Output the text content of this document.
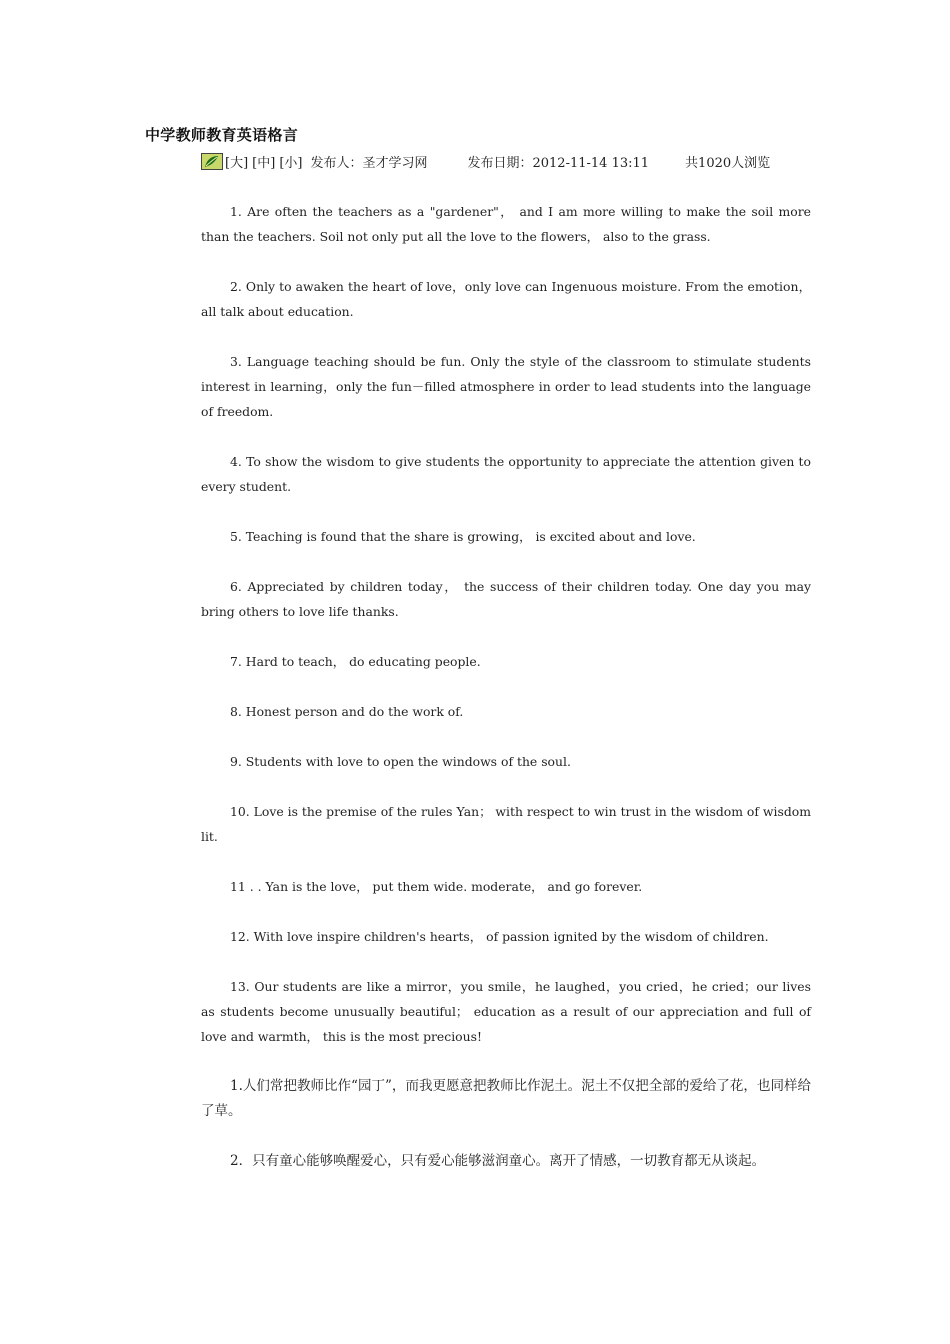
中学教师教育英语格言
[大] [中] [小] 发布人：圣才学习网	发布日期：2012-11-14 13:11	共1020人浏览

1. Are often the teachers as a "gardener"， and I am more willing to make the soil more than the teachers. Soil not only put all the love to the flowers， also to the grass.

2. Only to awaken the heart of love，only love can Ingenuous moisture. From the emotion， all talk about education.

3. Language teaching should be fun. Only the style of the classroom to stimulate students interest in learning，only the fun－filled atmosphere in order to lead students into the language of freedom.

4. To show the wisdom to give students the opportunity to appreciate the attention given to every student.

5. Teaching is found that the share is growing， is excited about and love.

6. Appreciated by children today， the success of their children today. One day you may bring others to love life thanks.

7. Hard to teach， do educating people.

8. Honest person and do the work of.

9. Students with love to open the windows of the soul.

10. Love is the premise of the rules Yan； with respect to win trust in the wisdom of wisdom lit.

11 . . Yan is the love， put them wide. moderate， and go forever.

12. With love inspire children's hearts， of passion ignited by the wisdom of children.

13. Our students are like a mirror，you smile，he laughed，you cried，he cried；our lives as students become unusually beautiful； education as a result of our appreciation and full of love and warmth， this is the most precious!

1.人们常把教师比作“园丁”，而我更愿意把教师比作泥土。泥土不仅把全部的爱给了花，也同样给了草。

2．只有童心能够唤醒爱心，只有爱心能够滋润童心。离开了情感，一切教育都无从谈起。
